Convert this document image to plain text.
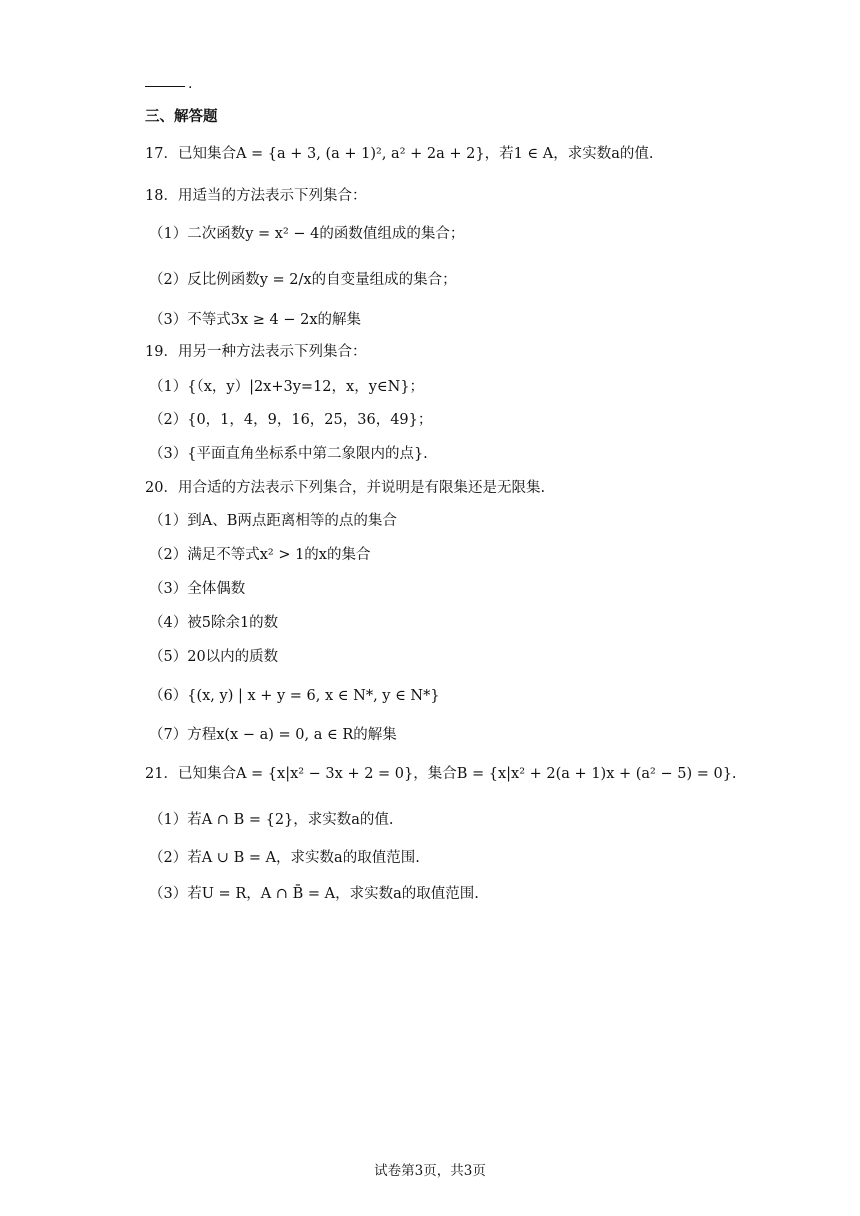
.
三、解答题
17．已知集合A = {a + 3, (a + 1)², a² + 2a + 2}，若1 ∈ A，求实数a的值.
18．用适当的方法表示下列集合：
（1）二次函数y = x² − 4的函数值组成的集合；
（2）反比例函数y = 2/x的自变量组成的集合；
（3）不等式3x ≥ 4 − 2x的解集
19．用另一种方法表示下列集合：
（1）{（x，y）|2x+3y=12，x，y∈N}；
（2）{0，1，4，9，16，25，36，49}；
（3）{平面直角坐标系中第二象限内的点}.
20．用合适的方法表示下列集合，并说明是有限集还是无限集.
（1）到A、B两点距离相等的点的集合
（2）满足不等式x² > 1的x的集合
（3）全体偶数
（4）被5除余1的数
（5）20以内的质数
（6）{(x, y) | x + y = 6, x ∈ N*, y ∈ N*}
（7）方程x(x − a) = 0, a ∈ R的解集
21．已知集合A = {x|x² − 3x + 2 = 0}，集合B = {x|x² + 2(a + 1)x + (a² − 5) = 0}.
（1）若A ∩ B = {2}，求实数a的值.
（2）若A ∪ B = A，求实数a的取值范围.
（3）若U = R，A ∩ B̄ = A，求实数a的取值范围.
试卷第3页，共3页
